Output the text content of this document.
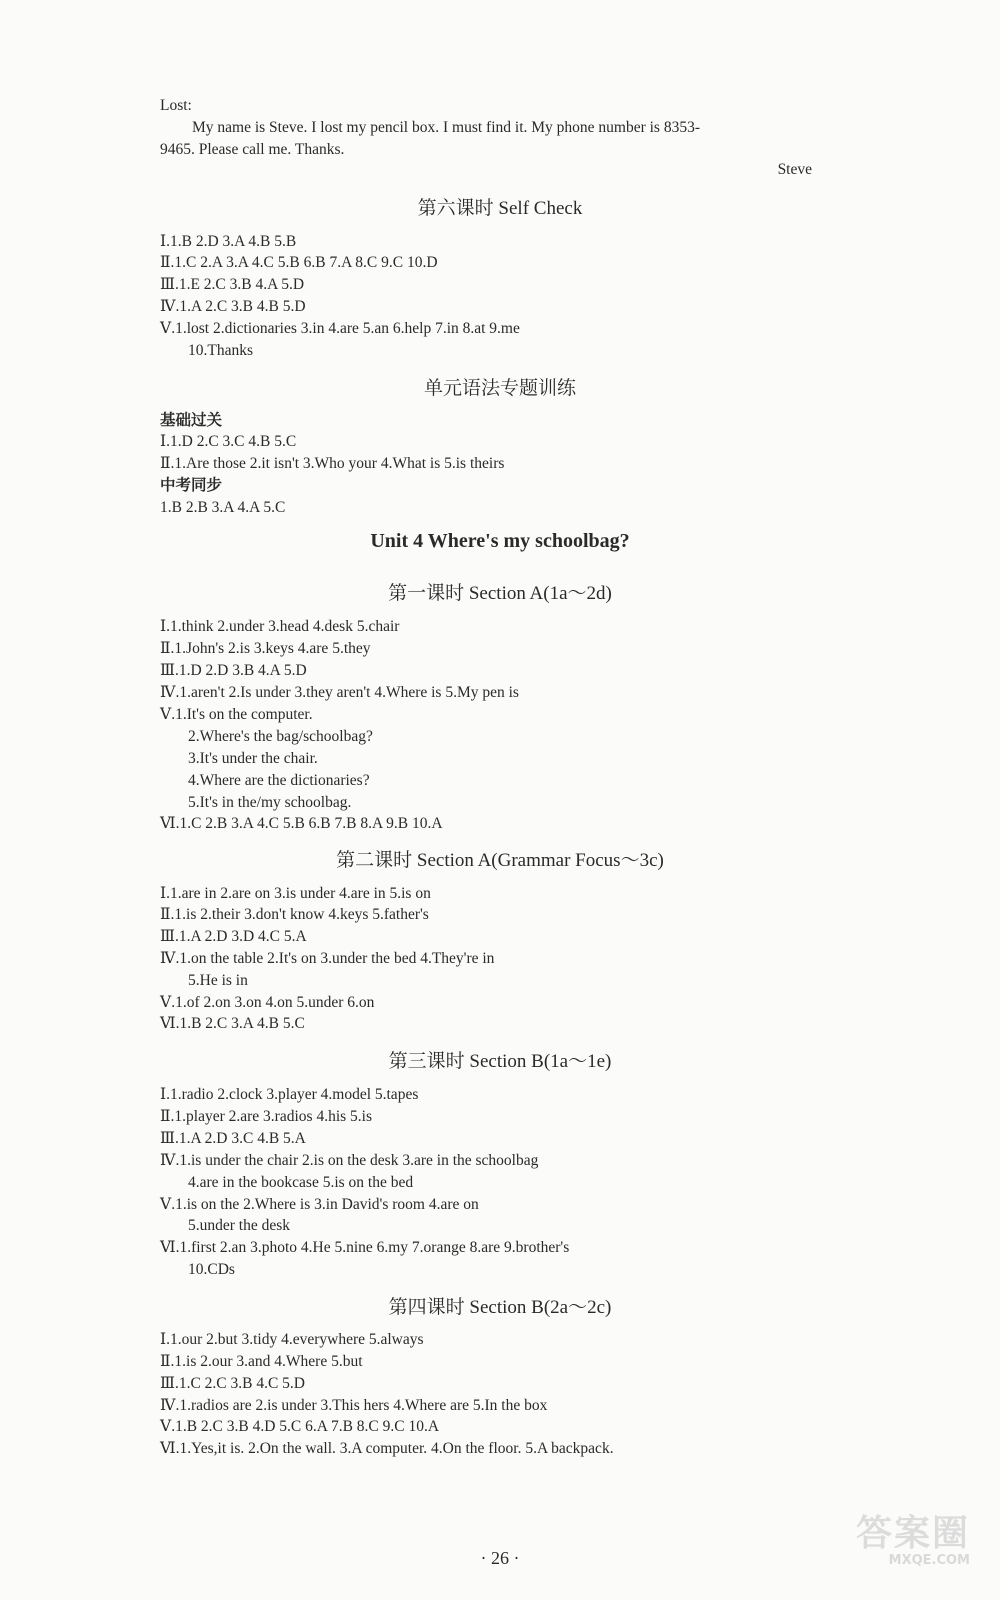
Lost:
My name is Steve. I lost my pencil box. I must find it. My phone number is 8353-
9465. Please call me. Thanks.
Steve
第六课时 Self Check
Ⅰ.1.B 2.D 3.A 4.B 5.B
Ⅱ.1.C 2.A 3.A 4.C 5.B 6.B 7.A 8.C 9.C 10.D
Ⅲ.1.E 2.C 3.B 4.A 5.D
Ⅳ.1.A 2.C 3.B 4.B 5.D
Ⅴ.1.lost 2.dictionaries 3.in 4.are 5.an 6.help 7.in 8.at 9.me
10.Thanks
单元语法专题训练
基础过关
Ⅰ.1.D 2.C 3.C 4.B 5.C
Ⅱ.1.Are those 2.it isn't 3.Who your 4.What is 5.is theirs
中考同步
1.B 2.B 3.A 4.A 5.C
Unit 4 Where's my schoolbag?
第一课时 Section A(1a～2d)
Ⅰ.1.think 2.under 3.head 4.desk 5.chair
Ⅱ.1.John's 2.is 3.keys 4.are 5.they
Ⅲ.1.D 2.D 3.B 4.A 5.D
Ⅳ.1.aren't 2.Is under 3.they aren't 4.Where is 5.My pen is
Ⅴ.1.It's on the computer.
2.Where's the bag/schoolbag?
3.It's under the chair.
4.Where are the dictionaries?
5.It's in the/my schoolbag.
Ⅵ.1.C 2.B 3.A 4.C 5.B 6.B 7.B 8.A 9.B 10.A
第二课时 Section A(Grammar Focus～3c)
Ⅰ.1.are in 2.are on 3.is under 4.are in 5.is on
Ⅱ.1.is 2.their 3.don't know 4.keys 5.father's
Ⅲ.1.A 2.D 3.D 4.C 5.A
Ⅳ.1.on the table 2.It's on 3.under the bed 4.They're in
5.He is in
Ⅴ.1.of 2.on 3.on 4.on 5.under 6.on
Ⅵ.1.B 2.C 3.A 4.B 5.C
第三课时 Section B(1a～1e)
Ⅰ.1.radio 2.clock 3.player 4.model 5.tapes
Ⅱ.1.player 2.are 3.radios 4.his 5.is
Ⅲ.1.A 2.D 3.C 4.B 5.A
Ⅳ.1.is under the chair 2.is on the desk 3.are in the schoolbag
4.are in the bookcase 5.is on the bed
Ⅴ.1.is on the 2.Where is 3.in David's room 4.are on
5.under the desk
Ⅵ.1.first 2.an 3.photo 4.He 5.nine 6.my 7.orange 8.are 9.brother's
10.CDs
第四课时 Section B(2a～2c)
Ⅰ.1.our 2.but 3.tidy 4.everywhere 5.always
Ⅱ.1.is 2.our 3.and 4.Where 5.but
Ⅲ.1.C 2.C 3.B 4.C 5.D
Ⅳ.1.radios are 2.is under 3.This hers 4.Where are 5.In the box
Ⅴ.1.B 2.C 3.B 4.D 5.C 6.A 7.B 8.C 9.C 10.A
Ⅵ.1.Yes,it is. 2.On the wall. 3.A computer. 4.On the floor. 5.A backpack.
· 26 ·
答案圈
MXQE.COM
